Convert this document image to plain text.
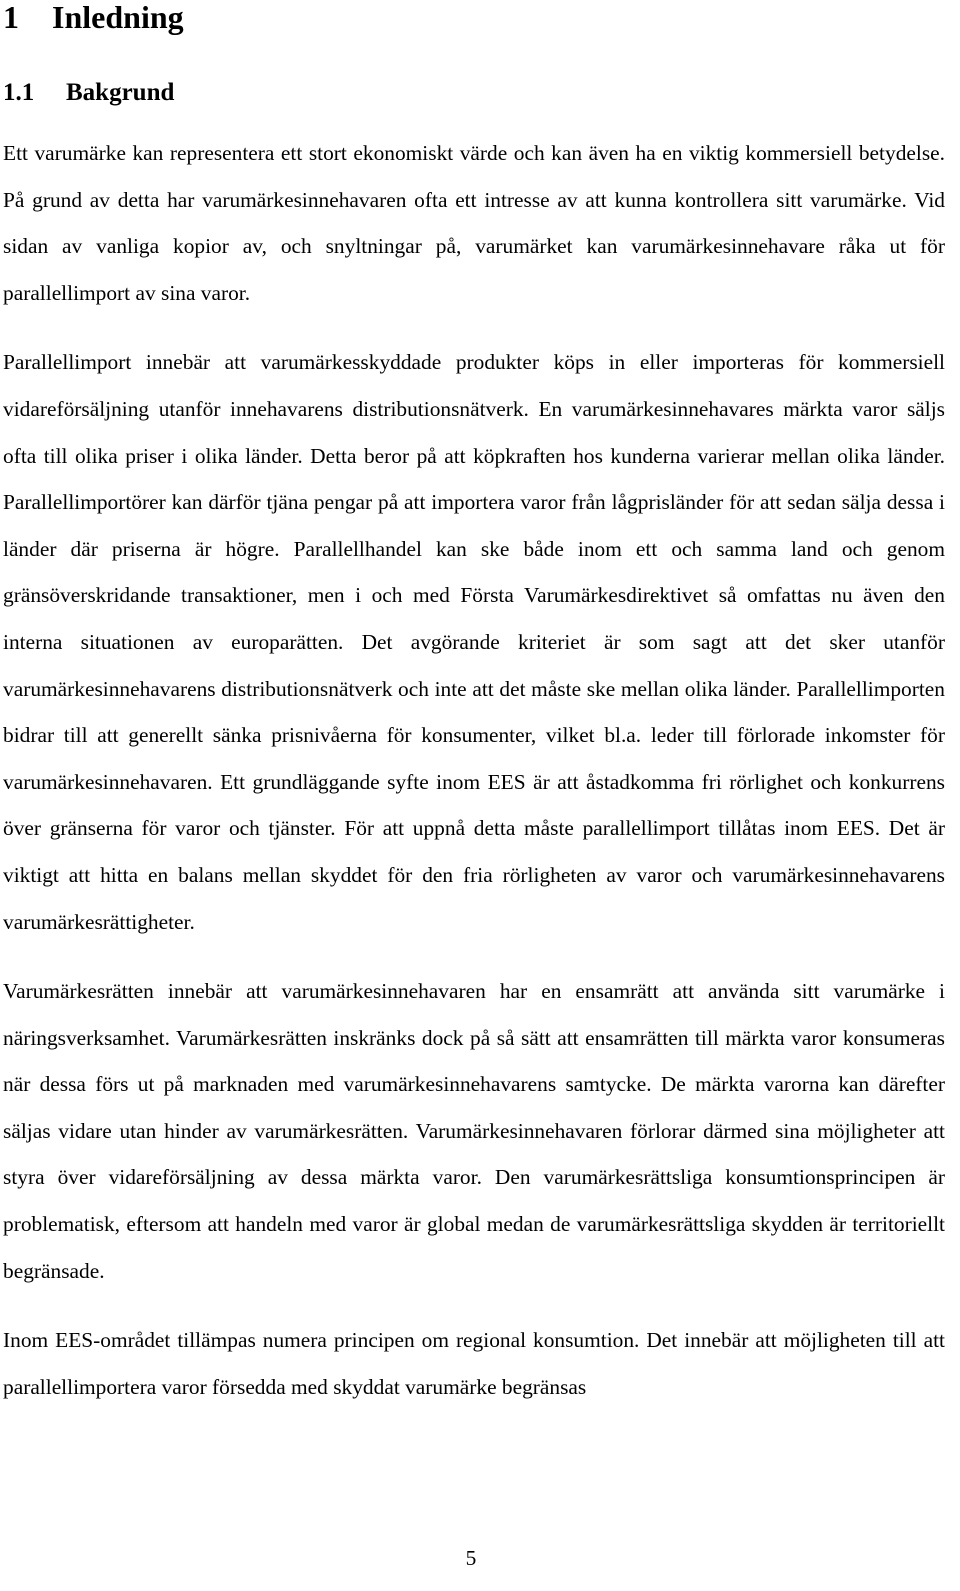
1 Inledning
1.1 Bakgrund

Ett varumärke kan representera ett stort ekonomiskt värde och kan även ha en viktig kommersiell betydelse. På grund av detta har varumärkesinnehavaren ofta ett intresse av att kunna kontrollera sitt varumärke. Vid sidan av vanliga kopior av, och snyltningar på, varumärket kan varumärkesinnehavare råka ut för parallellimport av sina varor.

Parallellimport innebär att varumärkesskyddade produkter köps in eller importeras för kommersiell vidareförsäljning utanför innehavarens distributionsnätverk. En varumärkesinnehavares märkta varor säljs ofta till olika priser i olika länder. Detta beror på att köpkraften hos kunderna varierar mellan olika länder. Parallellimportörer kan därför tjäna pengar på att importera varor från lågprisländer för att sedan sälja dessa i länder där priserna är högre. Parallellhandel kan ske både inom ett och samma land och genom gränsöverskridande transaktioner, men i och med Första Varumärkesdirektivet så omfattas nu även den interna situationen av europarätten. Det avgörande kriteriet är som sagt att det sker utanför varumärkesinnehavarens distributionsnätverk och inte att det måste ske mellan olika länder. Parallellimporten bidrar till att generellt sänka prisnivåerna för konsumenter, vilket bl.a. leder till förlorade inkomster för varumärkesinnehavaren. Ett grundläggande syfte inom EES är att åstadkomma fri rörlighet och konkurrens över gränserna för varor och tjänster. För att uppnå detta måste parallellimport tillåtas inom EES. Det är viktigt att hitta en balans mellan skyddet för den fria rörligheten av varor och varumärkesinnehavarens varumärkesrättigheter.

Varumärkesrätten innebär att varumärkesinnehavaren har en ensamrätt att använda sitt varumärke i näringsverksamhet. Varumärkesrätten inskränks dock på så sätt att ensamrätten till märkta varor konsumeras när dessa förs ut på marknaden med varumärkesinnehavarens samtycke. De märkta varorna kan därefter säljas vidare utan hinder av varumärkesrätten. Varumärkesinnehavaren förlorar därmed sina möjligheter att styra över vidareförsäljning av dessa märkta varor. Den varumärkesrättsliga konsumtionsprincipen är problematisk, eftersom att handeln med varor är global medan de varumärkesrättsliga skydden är territoriellt begränsade.

Inom EES-området tillämpas numera principen om regional konsumtion. Det innebär att möjligheten till att parallellimportera varor försedda med skyddat varumärke begränsas

5
